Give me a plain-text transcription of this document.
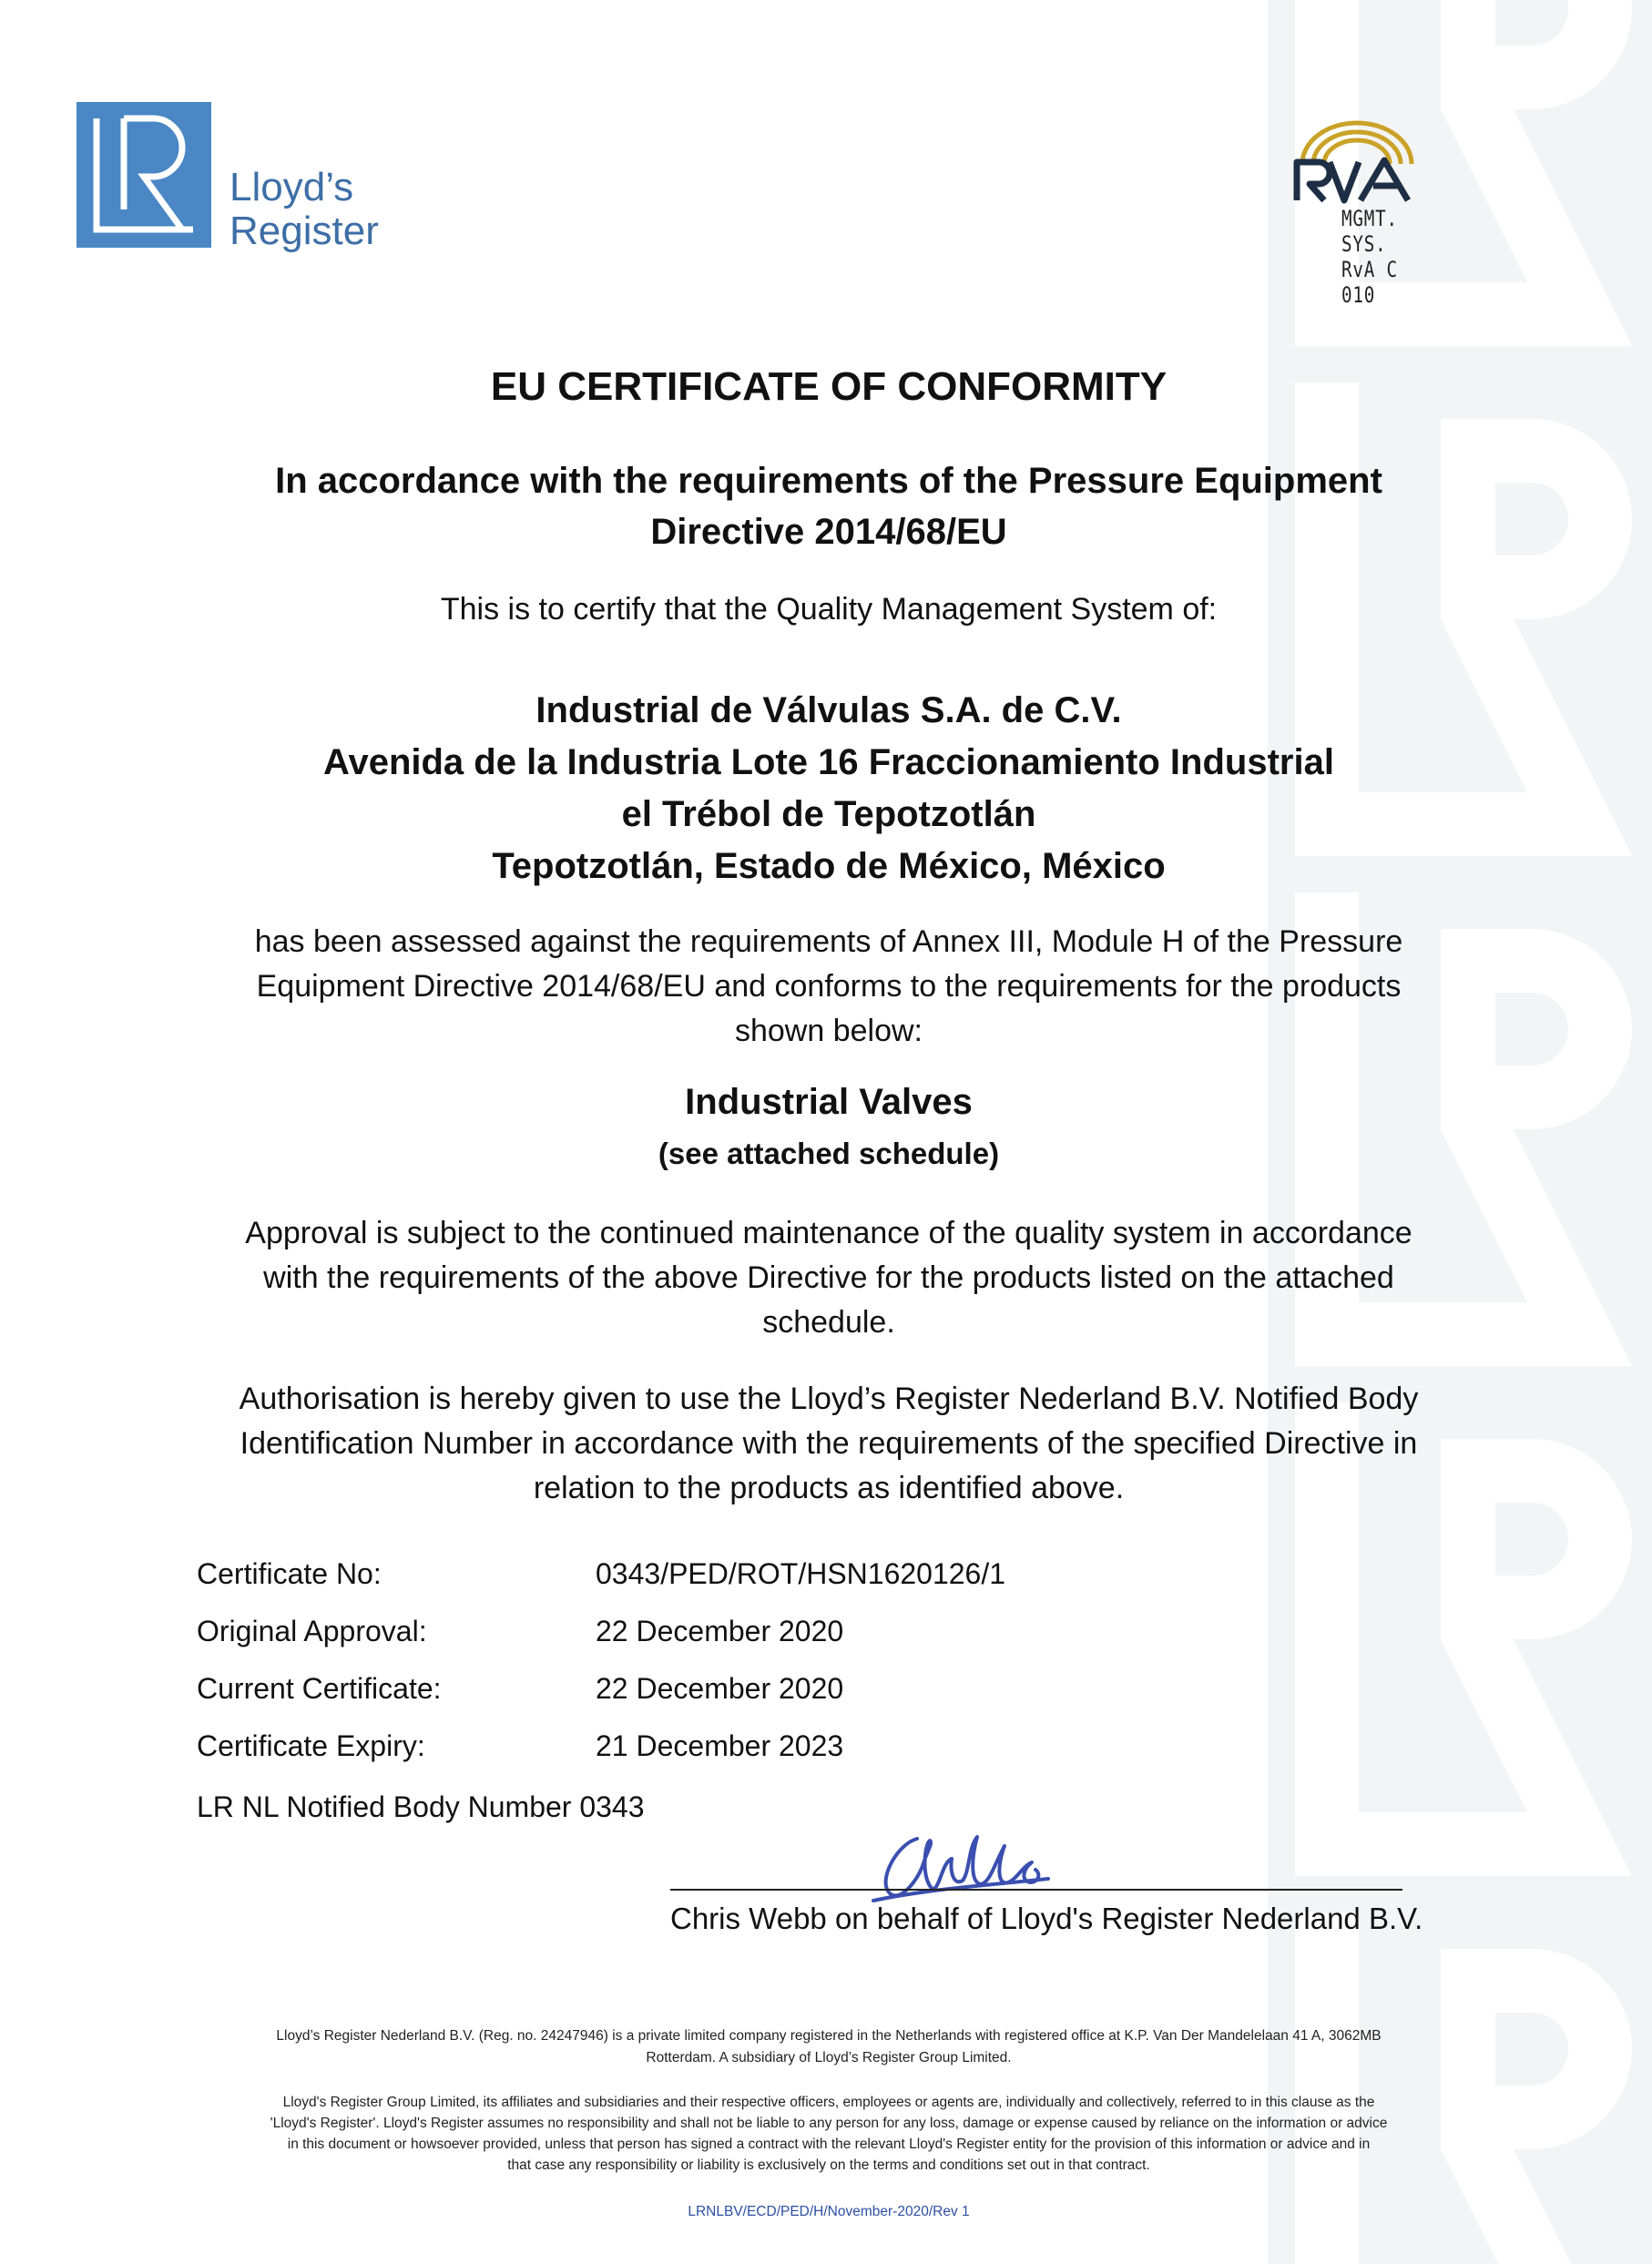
Lloyd’s
Register	MGMT. SYS.
RvA C 010
EU CERTIFICATE OF CONFORMITY
In accordance with the requirements of the Pressure Equipment
Directive 2014/68/EU
This is to certify that the Quality Management System of:
Industrial de Válvulas S.A. de C.V.
Avenida de la Industria Lote 16 Fraccionamiento Industrial
el Trébol de Tepotzotlán
Tepotzotlán, Estado de México, México
has been assessed against the requirements of Annex III, Module H of the Pressure
Equipment Directive 2014/68/EU and conforms to the requirements for the products
shown below:
Industrial Valves
(see attached schedule)
Approval is subject to the continued maintenance of the quality system in accordance
with the requirements of the above Directive for the products listed on the attached
schedule.
Authorisation is hereby given to use the Lloyd’s Register Nederland B.V. Notified Body
Identification Number in accordance with the requirements of the specified Directive in
relation to the products as identified above.
Certificate No:	0343/PED/ROT/HSN1620126/1
Original Approval:	22 December 2020
Current Certificate:	22 December 2020
Certificate Expiry:	21 December 2023
LR NL Notified Body Number 0343
Chris Webb on behalf of Lloyd's Register Nederland B.V.
Lloyd’s Register Nederland B.V. (Reg. no. 24247946) is a private limited company registered in the Netherlands with registered office at K.P. Van Der Mandelelaan 41 A, 3062MB
Rotterdam. A subsidiary of Lloyd’s Register Group Limited.
Lloyd's Register Group Limited, its affiliates and subsidiaries and their respective officers, employees or agents are, individually and collectively, referred to in this clause as the
'Lloyd's Register'. Lloyd's Register assumes no responsibility and shall not be liable to any person for any loss, damage or expense caused by reliance on the information or advice
in this document or howsoever provided, unless that person has signed a contract with the relevant Lloyd's Register entity for the provision of this information or advice and in
that case any responsibility or liability is exclusively on the terms and conditions set out in that contract.
LRNLBV/ECD/PED/H/November-2020/Rev 1
